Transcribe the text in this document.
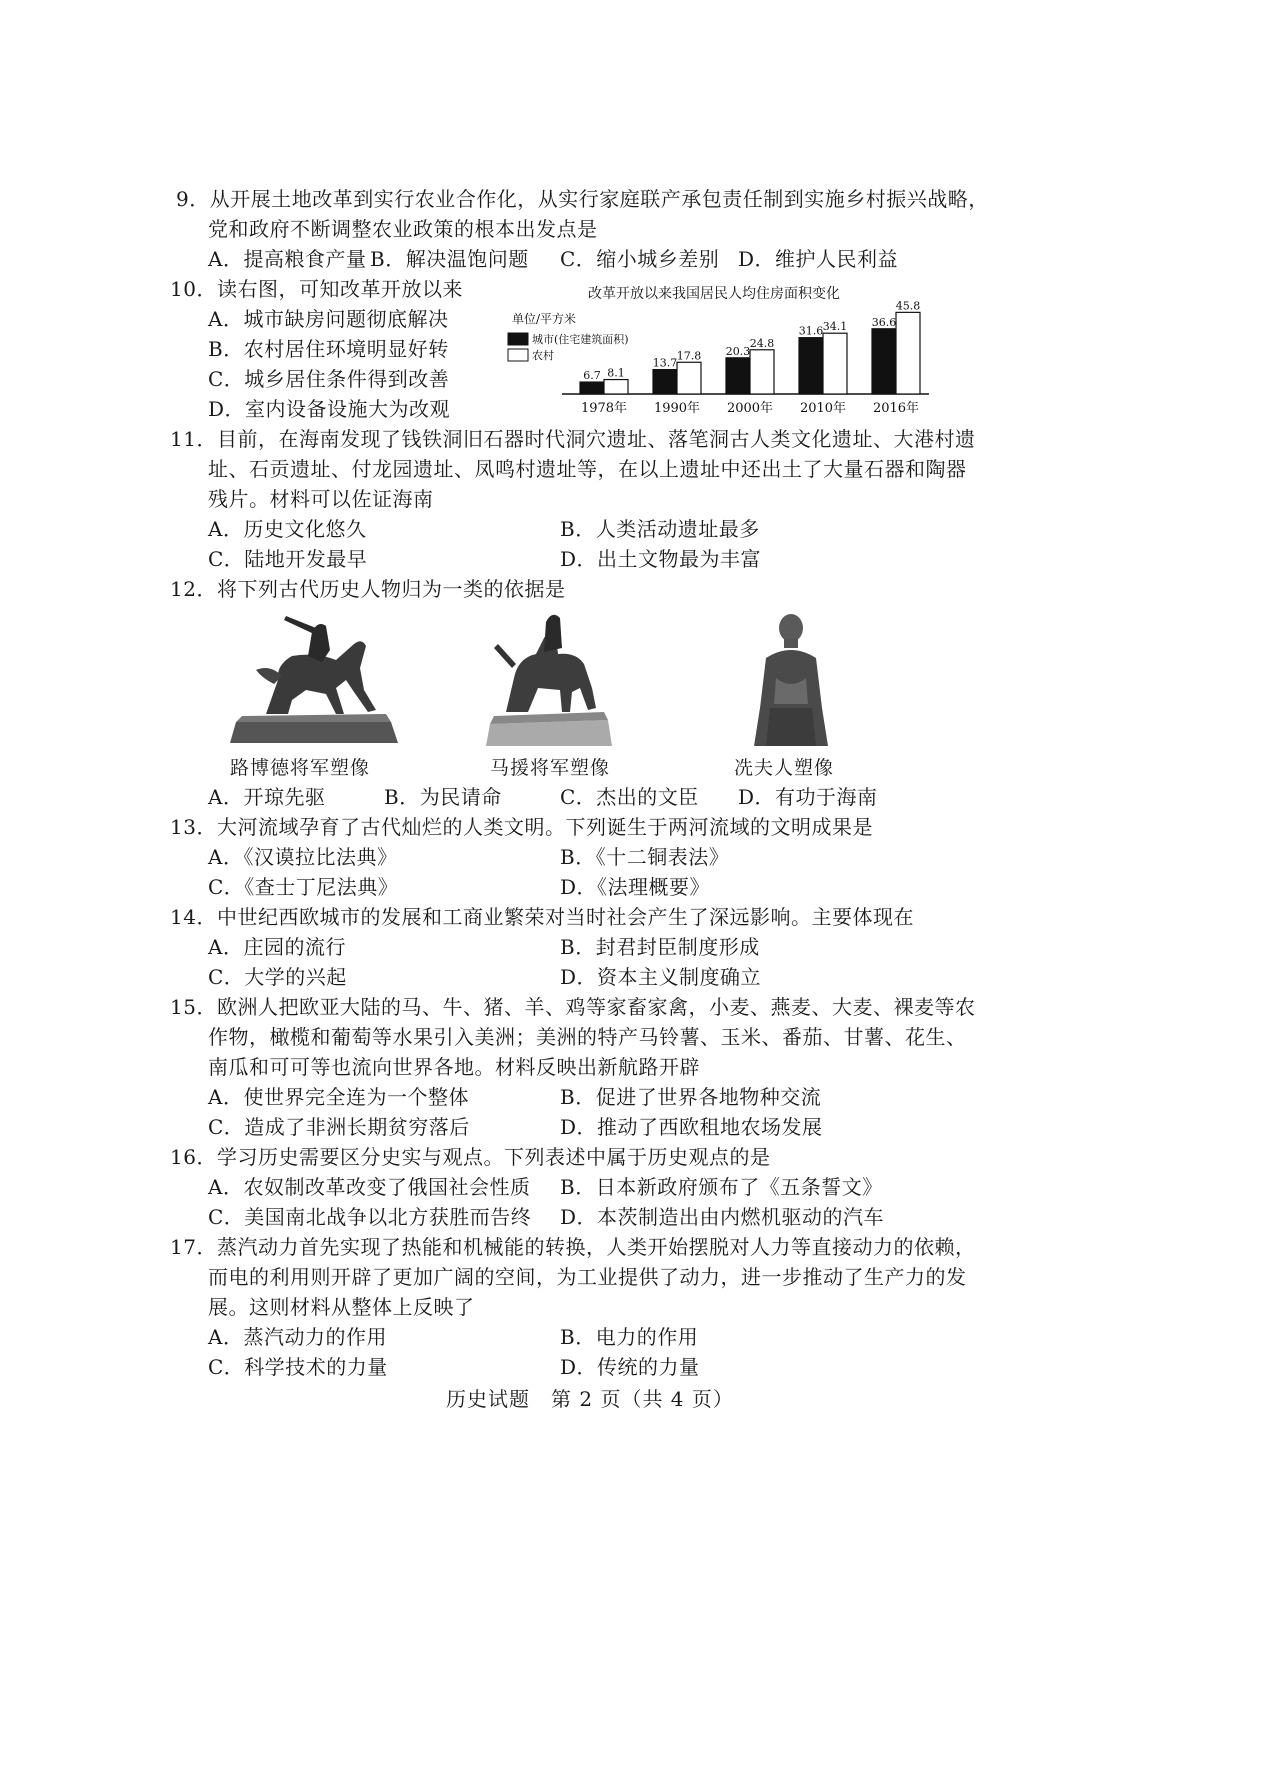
9．从开展土地改革到实行农业合作化，从实行家庭联产承包责任制到实施乡村振兴战略，
党和政府不断调整农业政策的根本出发点是
A．提高粮食产量 B．解决温饱问题 C．缩小城乡差别 D．维护人民利益
10．读右图，可知改革开放以来
A．城市缺房问题彻底解决
B．农村居住环境明显好转
C．城乡居住条件得到改善
D．室内设备设施大为改观
改革开放以来我国居民人均住房面积变化
单位/平方米
城市(住宅建筑面积)
农村
6.7 8.1
1978年
13.7
17.8
1990年
20.3
24.8
2000年
31.6 34.1
2010年
36.6
45.8
2016年
11．目前，在海南发现了钱铁洞旧石器时代洞穴遗址、落笔洞古人类文化遗址、大港村遗
址、石贡遗址、付龙园遗址、凤鸣村遗址等，在以上遗址中还出土了大量石器和陶器
残片。材料可以佐证海南
A．历史文化悠久	B．人类活动遗址最多
C．陆地开发最早	D．出土文物最为丰富
12．将下列古代历史人物归为一类的依据是
路博德将军塑像	马援将军塑像	冼夫人塑像
A．开琼先驱	B．为民请命	C．杰出的文臣 D．有功于海南
13．大河流域孕育了古代灿烂的人类文明。下列诞生于两河流域的文明成果是
A．《汉谟拉比法典》	B．《十二铜表法》
C．《查士丁尼法典》	D．《法理概要》
14．中世纪西欧城市的发展和工商业繁荣对当时社会产生了深远影响。主要体现在
A．庄园的流行	B．封君封臣制度形成
C．大学的兴起	D．资本主义制度确立
15．欧洲人把欧亚大陆的马、牛、猪、羊、鸡等家畜家禽，小麦、燕麦、大麦、裸麦等农
作物，橄榄和葡萄等水果引入美洲；美洲的特产马铃薯、玉米、番茄、甘薯、花生、
南瓜和可可等也流向世界各地。材料反映出新航路开辟
A．使世界完全连为一个整体	B．促进了世界各地物种交流
C．造成了非洲长期贫穷落后	D．推动了西欧租地农场发展
16．学习历史需要区分史实与观点。下列表述中属于历史观点的是
A．农奴制改革改变了俄国社会性质 B．日本新政府颁布了《五条誓文》
C．美国南北战争以北方获胜而告终 D．本茨制造出由内燃机驱动的汽车
17．蒸汽动力首先实现了热能和机械能的转换，人类开始摆脱对人力等直接动力的依赖，
而电的利用则开辟了更加广阔的空间，为工业提供了动力，进一步推动了生产力的发
展。这则材料从整体上反映了
A．蒸汽动力的作用	B．电力的作用
C．科学技术的力量	D．传统的力量
历史试题　第 2 页（共 4 页）
